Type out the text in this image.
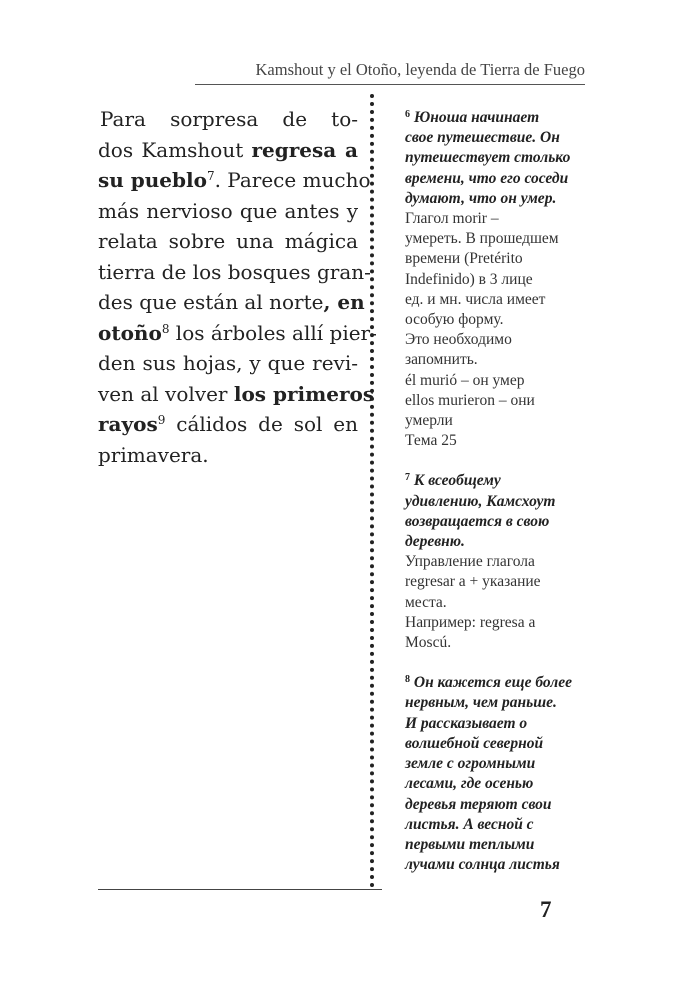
Kamshout y el Otoño, leyenda de Tierra de Fuego
Para sorpresa de to-
dos Kamshout regresa a
su pueblo$^7$. Parece mucho
más nervioso que antes y
relata sobre una mágica
tierra de los bosques gran-
des que están al norte, en
otoño$^8$ los árboles allí pier-
den sus hojas, y que revi-
ven al volver los primeros
rayos$^9$ cálidos de sol en
primavera.
$^6$ Юноша начинает
свое путешествие. Он
путешествует столько
времени, что его соседи
думают, что он умер.
Глагол morir –
умереть. В прошедшем
времени (Pretérito
Indefinido) в 3 лице
ед. и мн. числа имеет
особую форму.
Это необходимо
запомнить.
él murió – он умер
ellos murieron – они
умерли
Тема 25
$^7$ К всеобщему
удивлению, Камсхоут
возвращается в свою
деревню.
Управление глагола
regresar a + указание
места.
Например: regresa a
Moscú.
$^8$ Он кажется еще более
нервным, чем раньше.
И рассказывает о
волшебной северной
земле с огромными
лесами, где осенью
деревья теряют свои
листья. А весной с
первыми теплыми
лучами солнца листья
7
